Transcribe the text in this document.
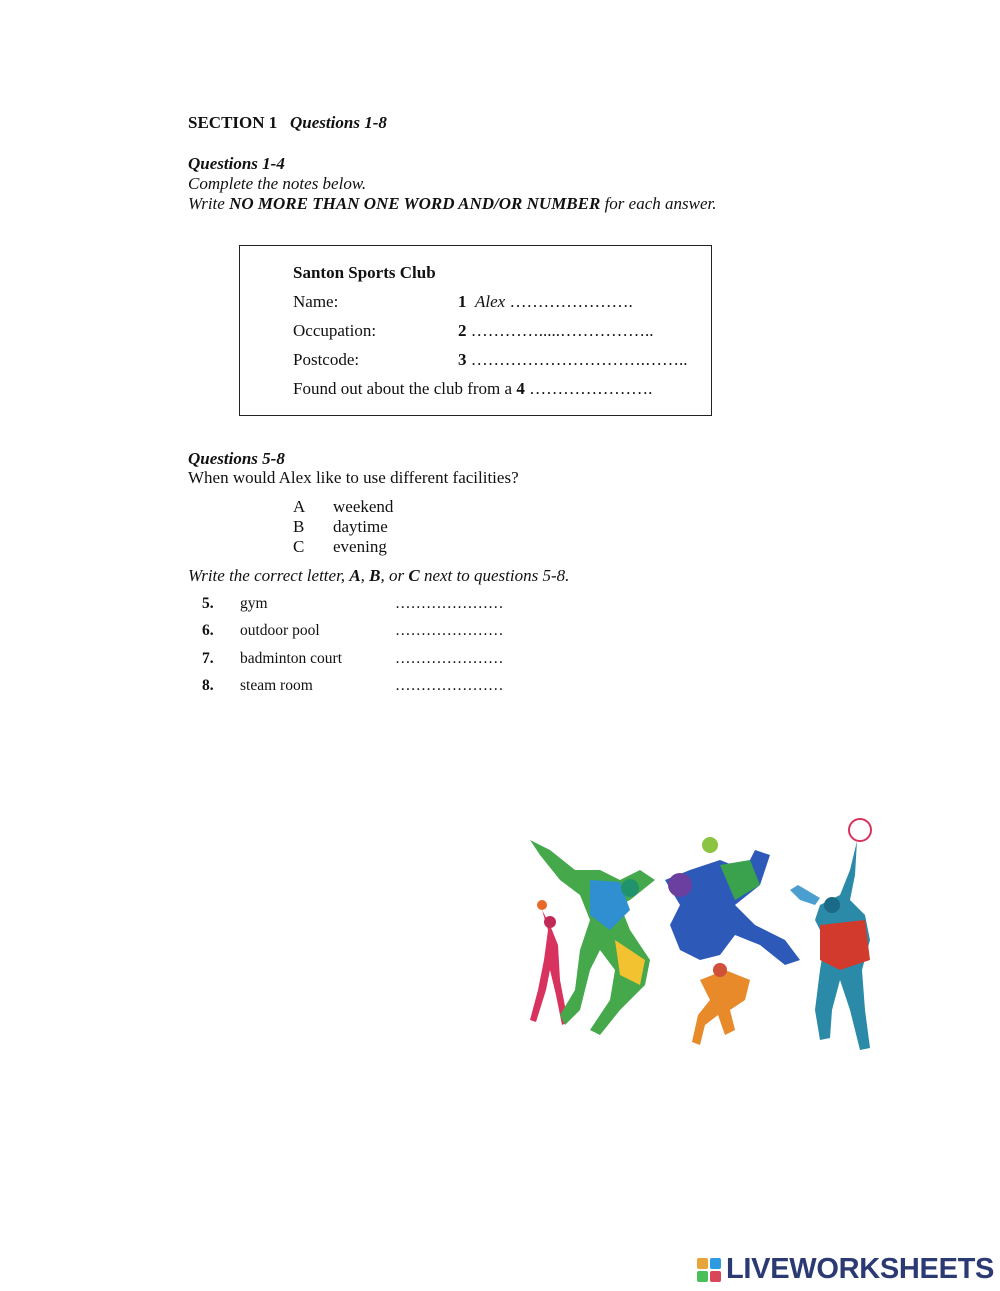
SECTION 1 Questions 1-8
Questions 1-4
Complete the notes below.
Write NO MORE THAN ONE WORD AND/OR NUMBER for each answer.
Santon Sports Club
Name:	1 Alex ………………….
Occupation:	2 ………….....……………..
Postcode:	3 ………………………….……..
Found out about the club from a 4 ………………….
Questions 5-8
When would Alex like to use different facilities?
A weekend
B daytime
C evening
Write the correct letter, A, B, or C next to questions 5-8.
5. gym	…………………
6. outdoor pool	…………………
7. badminton court	…………………
8. steam room	…………………
LIVEWORKSHEETS
